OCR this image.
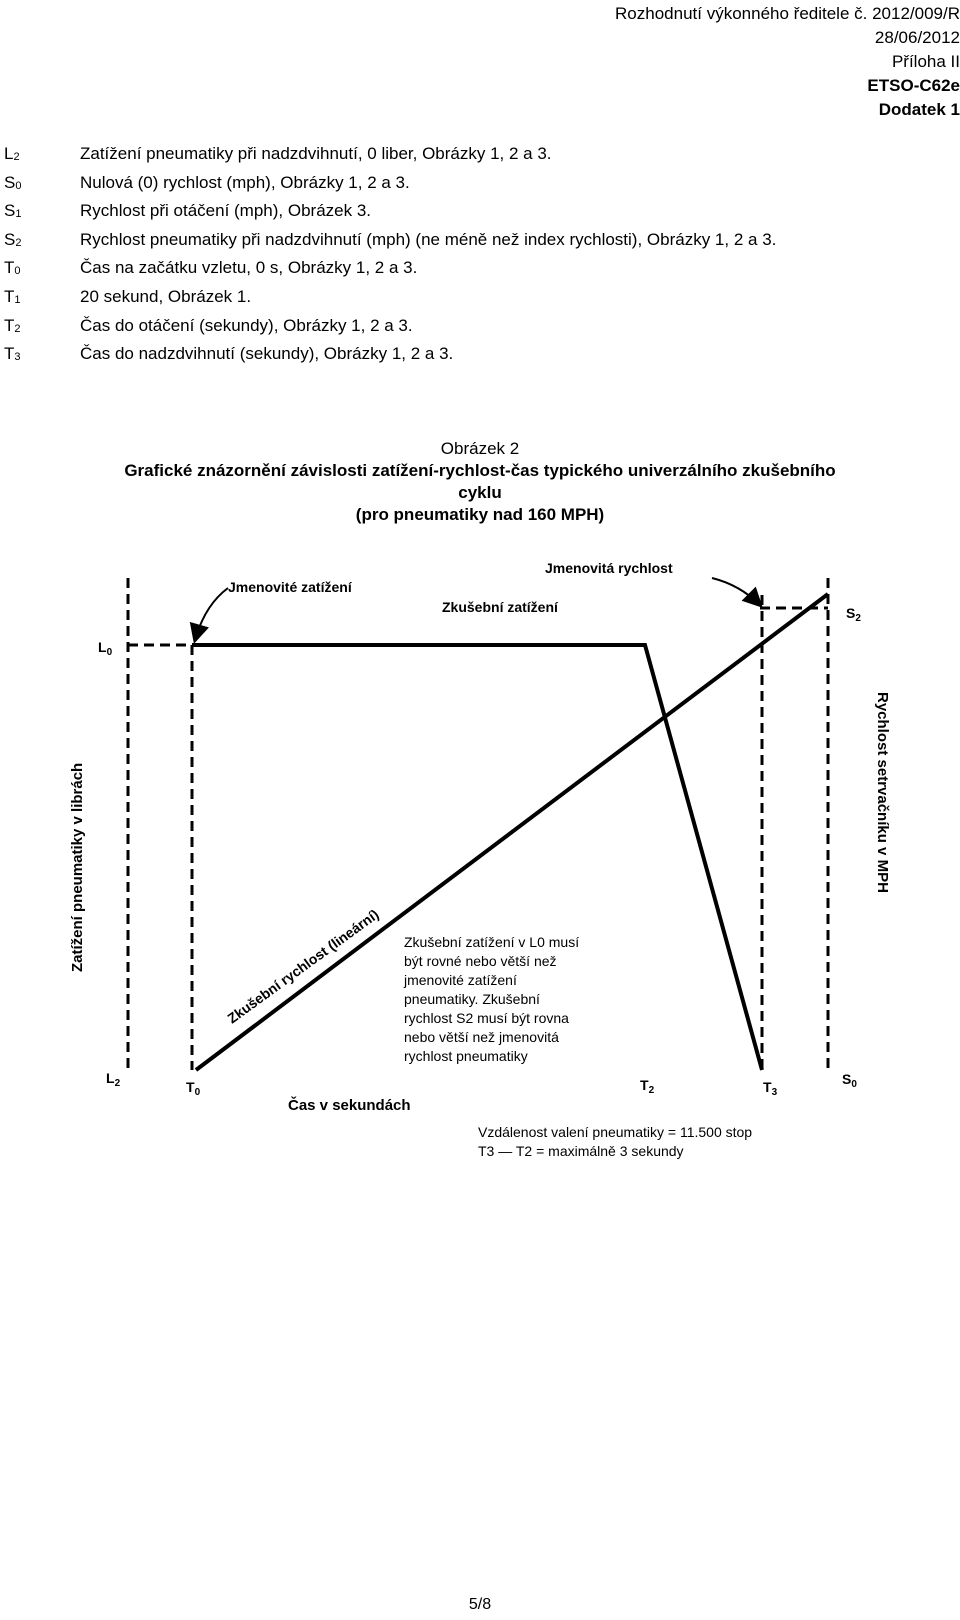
Rozhodnutí výkonného ředitele č. 2012/009/R
28/06/2012
Příloha II
ETSO-C62e
Dodatek 1
$L_2$	Zatížení pneumatiky při nadzdvihnutí, 0 liber, Obrázky 1, 2 a 3.
$S_0$	Nulová (0) rychlost (mph), Obrázky 1, 2 a 3.
$S_1$	Rychlost při otáčení (mph), Obrázek 3.
$S_2$	Rychlost pneumatiky při nadzdvihnutí (mph) (ne méně než index rychlosti), Obrázky 1, 2 a 3.
$T_0$	Čas na začátku vzletu, 0 s, Obrázky 1, 2 a 3.
$T_1$	20 sekund, Obrázek 1.
$T_2$	Čas do otáčení (sekundy), Obrázky 1, 2 a 3.
$T_3$	Čas do nadzdvihnutí (sekundy), Obrázky 1, 2 a 3.
Obrázek 2
Grafické znázornění závislosti zatížení-rychlost-čas typického univerzálního zkušebního
cyklu
(pro pneumatiky nad 160 MPH)
Jmenovité zatížení
Jmenovitá rychlost
Zkušební zatížení
Zkušební rychlost (lineární)
$L_0$
$L_2$	$T_0$	$T_2$	$T_3$
$S_0$
$S_2$
Čas v sekundách
Zatížení pneumatiky v librách	Rychlost setrvačníku v MPH
Zkušební zatížení v L0 musí
být rovné nebo větší než
jmenovité zatížení
pneumatiky. Zkušební
rychlost S2 musí být rovna
nebo větší než jmenovitá
rychlost pneumatiky
Vzdálenost valení pneumatiky = 11.500 stop
T3 — T2 = maximálně 3 sekundy
5/8
